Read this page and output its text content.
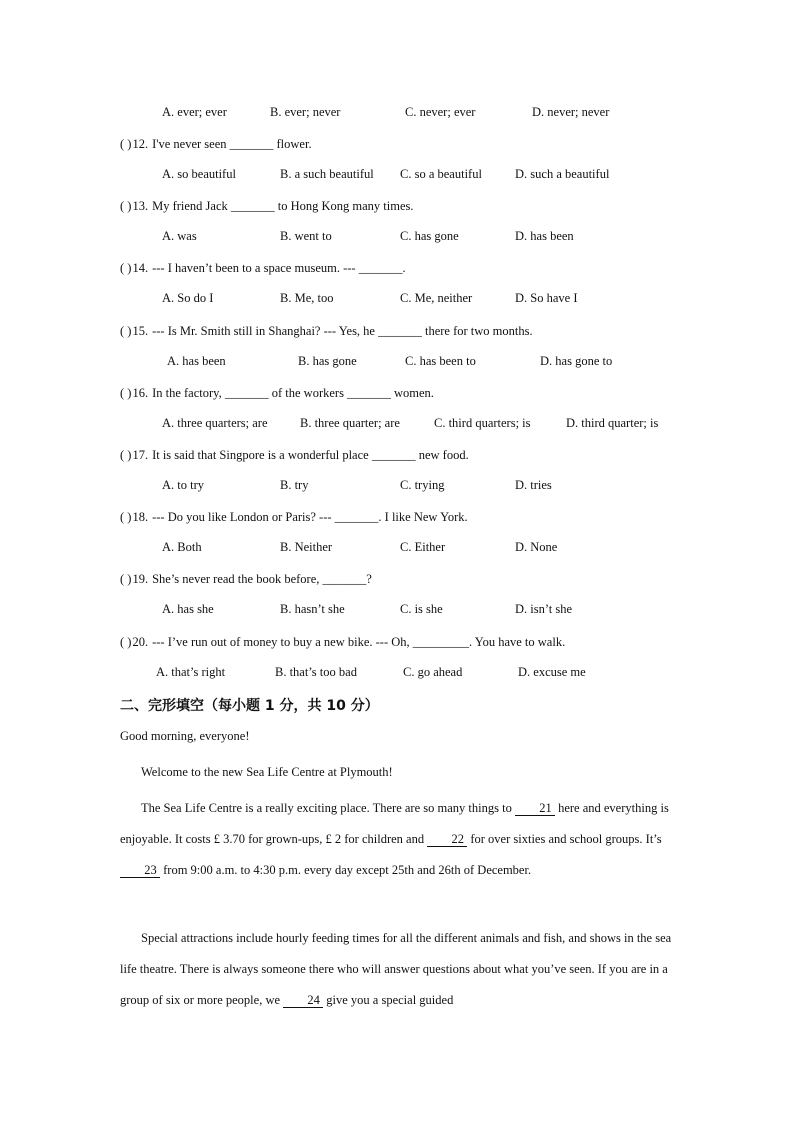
A. ever; ever	B. ever; never	C. never; ever	D. never; never
( )12. I've never seen _______ flower.
A. so beautiful	B. a such beautiful C. so a beautiful	D. such a beautiful
( )13. My friend Jack _______ to Hong Kong many times.
A. was	B. went to	C. has gone	D. has been
( )14. --- I haven’t been to a space museum. --- _______.
A. So do I	B. Me, too	C. Me, neither	D. So have I
( )15. --- Is Mr. Smith still in Shanghai? --- Yes, he _______ there for two months.
A. has been	B. has gone	C. has been to	D. has gone to
( )16. In the factory, _______ of the workers _______ women.
A. three quarters; are	B. three quarter; are	C. third quarters; is	D. third quarter; is
( )17. It is said that Singpore is a wonderful place _______ new food.
A. to try	B. try	C. trying	D. tries
( )18. --- Do you like London or Paris? --- _______. I like New York.
A. Both	B. Neither	C. Either	D. None
( )19. She’s never read the book before, _______?
A. has she	B. hasn’t she	C. is she	D. isn’t she
( )20. --- I’ve run out of money to buy a new bike. --- Oh, _________. You have to walk.
A. that’s right	B. that’s too bad	C. go ahead	D. excuse me
二、完形填空（每小题 1 分，共 10 分）
Good morning, everyone!
Welcome to the new Sea Life Centre at Plymouth!
The Sea Life Centre is a really exciting place. There are so many things to 21 here and everything is enjoyable. It costs £ 3.70 for grown-ups, £ 2 for children and 22 for over sixties and school groups. It’s 23 from 9:00 a.m. to 4:30 p.m. every day except 25th and 26th of December.
Special attractions include hourly feeding times for all the different animals and fish, and shows in the sea life theatre. There is always someone there who will answer questions about what you’ve seen. If you are in a group of six or more people, we 24 give you a special guided
